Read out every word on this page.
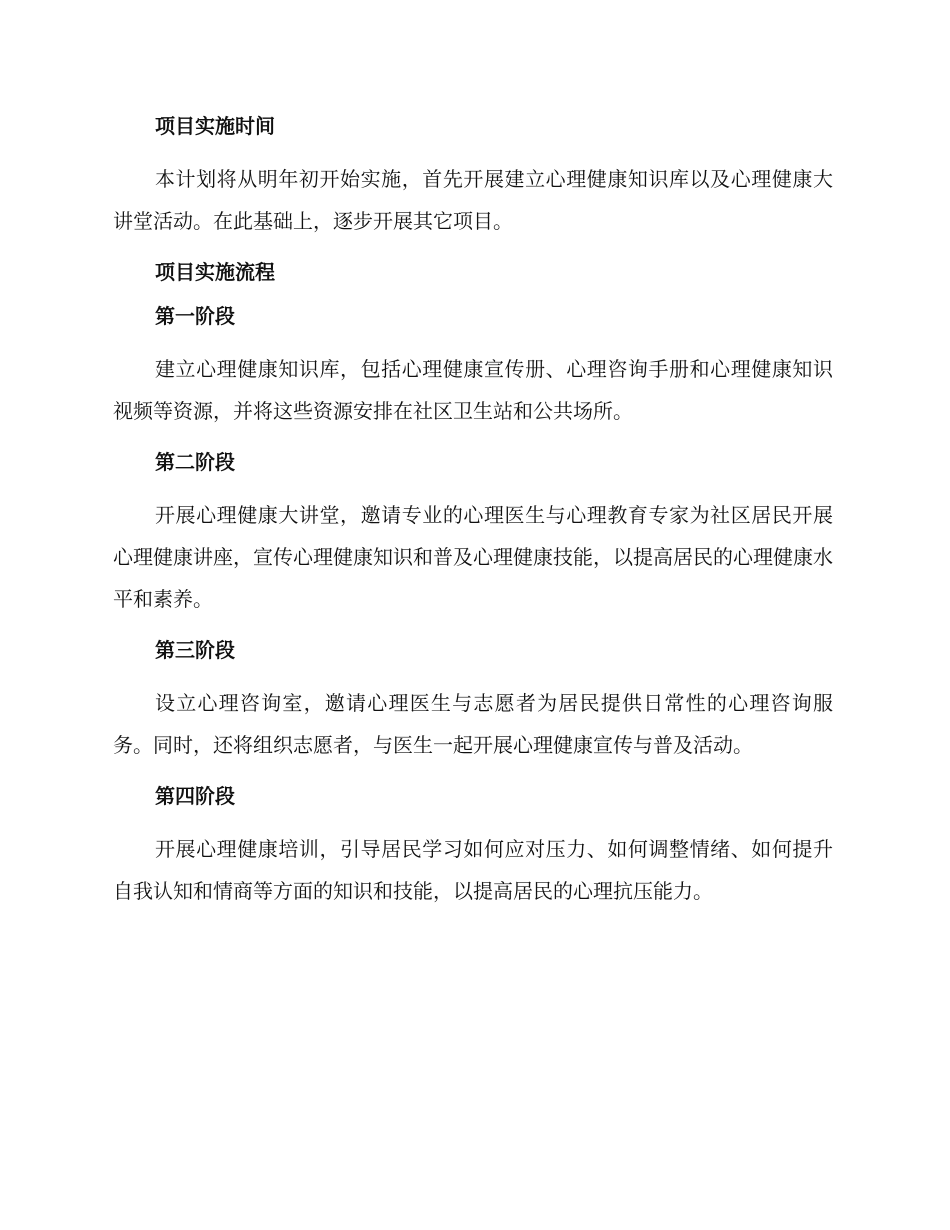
项目实施时间

本计划将从明年初开始实施，首先开展建立心理健康知识库以及心理健康大讲堂活动。在此基础上，逐步开展其它项目。

项目实施流程
第一阶段

建立心理健康知识库，包括心理健康宣传册、心理咨询手册和心理健康知识视频等资源，并将这些资源安排在社区卫生站和公共场所。

第二阶段

开展心理健康大讲堂，邀请专业的心理医生与心理教育专家为社区居民开展心理健康讲座，宣传心理健康知识和普及心理健康技能，以提高居民的心理健康水平和素养。

第三阶段

设立心理咨询室，邀请心理医生与志愿者为居民提供日常性的心理咨询服务。同时，还将组织志愿者，与医生一起开展心理健康宣传与普及活动。

第四阶段

开展心理健康培训，引导居民学习如何应对压力、如何调整情绪、如何提升自我认知和情商等方面的知识和技能，以提高居民的心理抗压能力。
